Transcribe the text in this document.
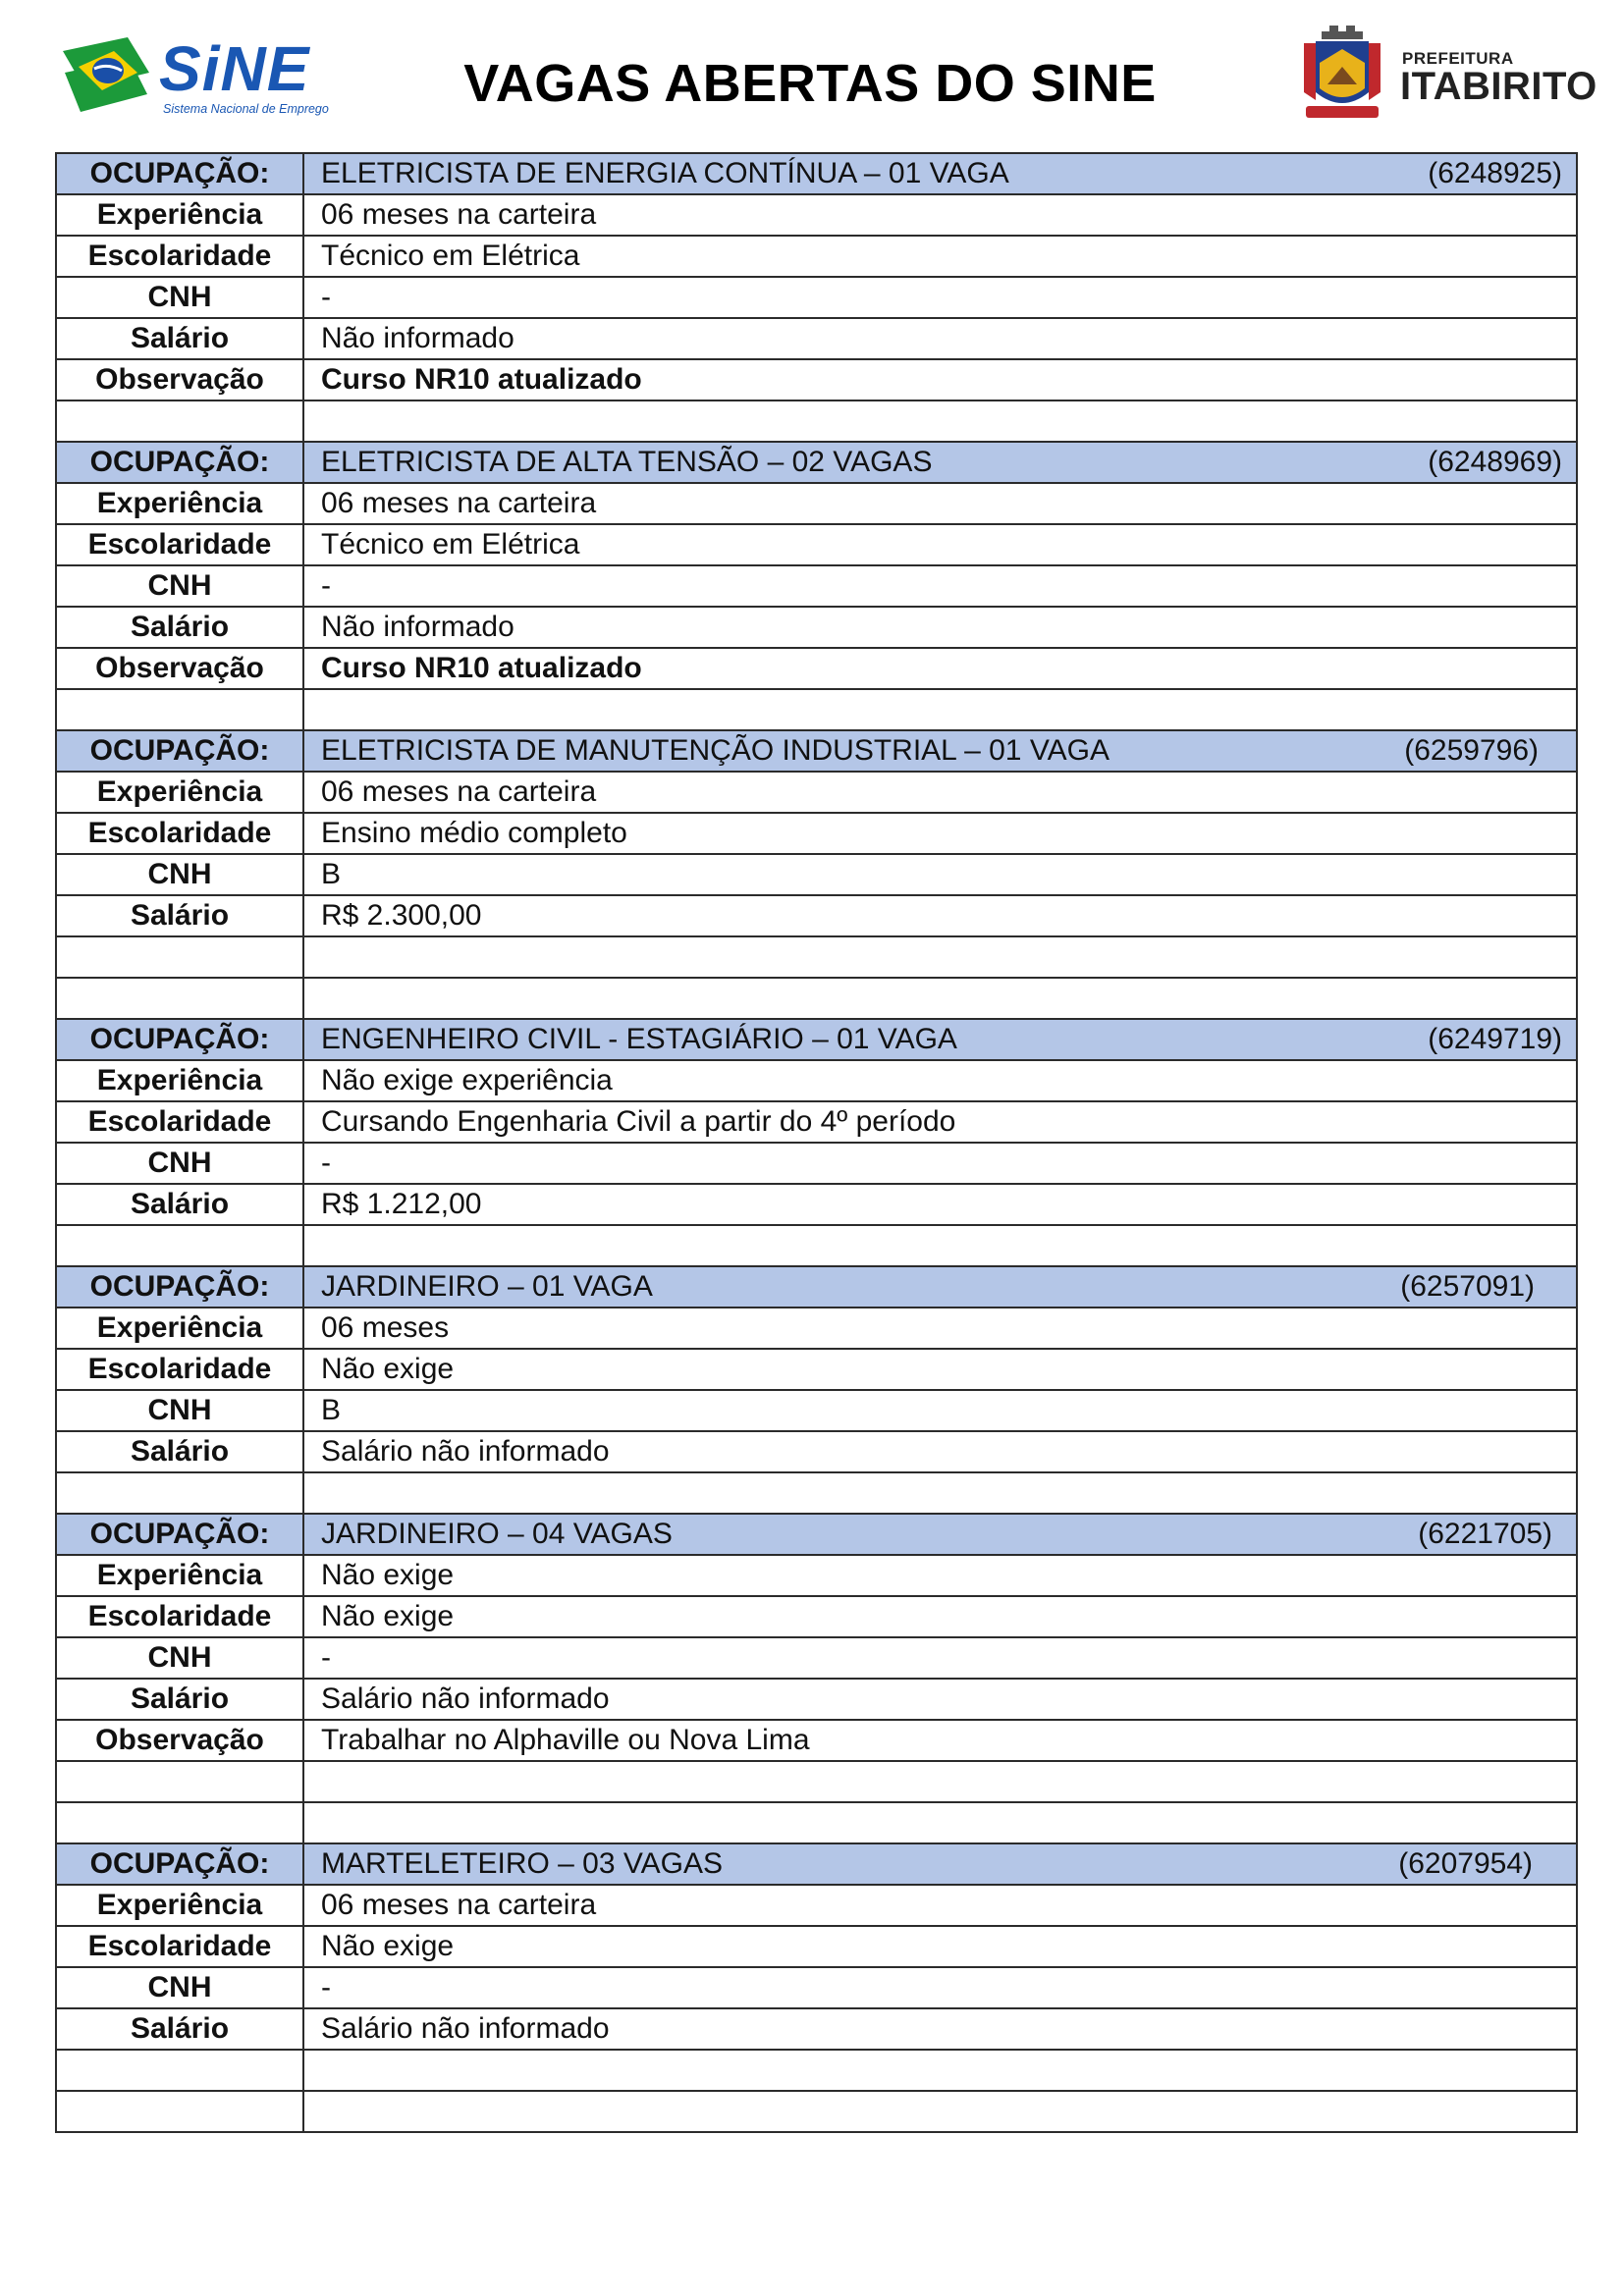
SiNE
Sistema Nacional de Emprego	VAGAS ABERTAS DO SINE	PREFEITURA
ITABIRITO
OCUPAÇÃO:	ELETRICISTA DE ENERGIA CONTÍNUA – 01 VAGA (6248925)

Experiência	06 meses na carteira
Escolaridade	Técnico em Elétrica
CNH	-
Salário	Não informado
Observação	Curso NR10 atualizado

OCUPAÇÃO:	ELETRICISTA DE ALTA TENSÃO – 02 VAGAS (6248969)

Experiência	06 meses na carteira
Escolaridade	Técnico em Elétrica
CNH	-
Salário	Não informado
Observação	Curso NR10 atualizado

OCUPAÇÃO:	ELETRICISTA DE MANUTENÇÃO INDUSTRIAL – 01 VAGA (6259796)

Experiência	06 meses na carteira
Escolaridade	Ensino médio completo
CNH	B
Salário	R$ 2.300,00

OCUPAÇÃO:	ENGENHEIRO CIVIL - ESTAGIÁRIO – 01 VAGA (6249719)

Experiência	Não exige experiência
Escolaridade	Cursando Engenharia Civil a partir do 4º período
CNH	-
Salário	R$ 1.212,00

OCUPAÇÃO:	JARDINEIRO – 01 VAGA (6257091)

Experiência	06 meses
Escolaridade	Não exige
CNH	B
Salário	Salário não informado

OCUPAÇÃO:	JARDINEIRO – 04 VAGAS (6221705)

Experiência	Não exige
Escolaridade	Não exige
CNH	-
Salário	Salário não informado
Observação	Trabalhar no Alphaville ou Nova Lima

OCUPAÇÃO:	MARTELETEIRO – 03 VAGAS (6207954)

Experiência	06 meses na carteira
Escolaridade	Não exige
CNH	-
Salário	Salário não informado
